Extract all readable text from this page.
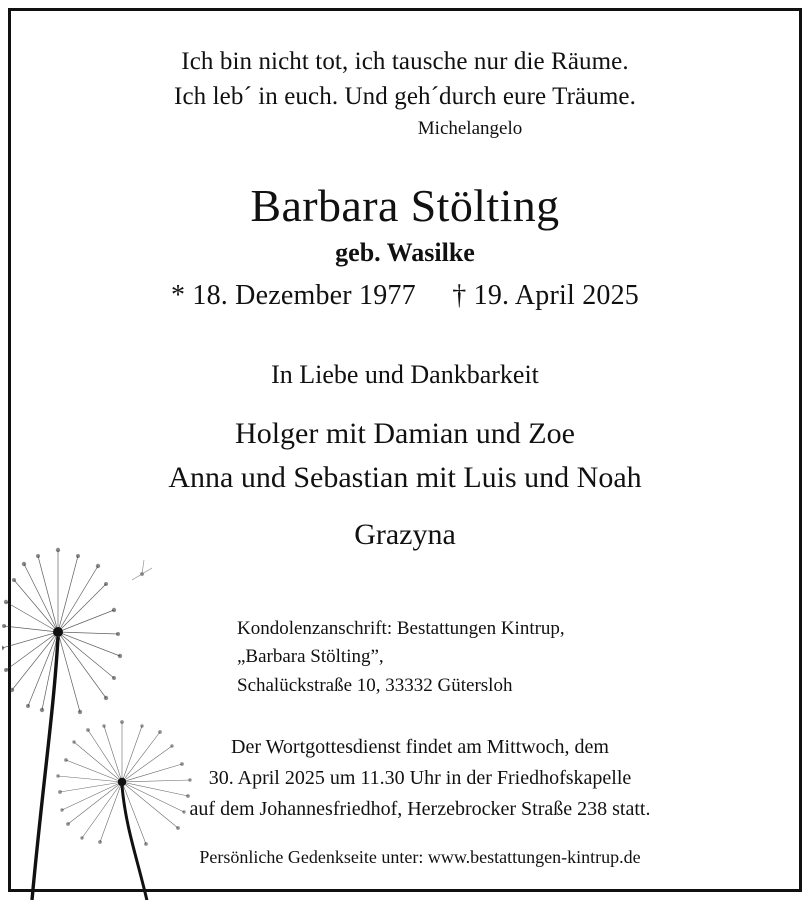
Ich bin nicht tot, ich tausche nur die Räume.
Ich leb´ in euch. Und geh´durch eure Träume.
Michelangelo
Barbara Stölting
geb. Wasilke
* 18. Dezember 1977 † 19. April 2025
In Liebe und Dankbarkeit
Holger mit Damian und Zoe
Anna und Sebastian mit Luis und Noah
Grazyna
Kondolenzanschrift: Bestattungen Kintrup,
„Barbara Stölting”,
Schalückstraße 10, 33332 Gütersloh
Der Wortgottesdienst findet am Mittwoch, dem
30. April 2025 um 11.30 Uhr in der Friedhofskapelle
auf dem Johannesfriedhof, Herzebrocker Straße 238 statt.
Persönliche Gedenkseite unter: www.bestattungen-kintrup.de
